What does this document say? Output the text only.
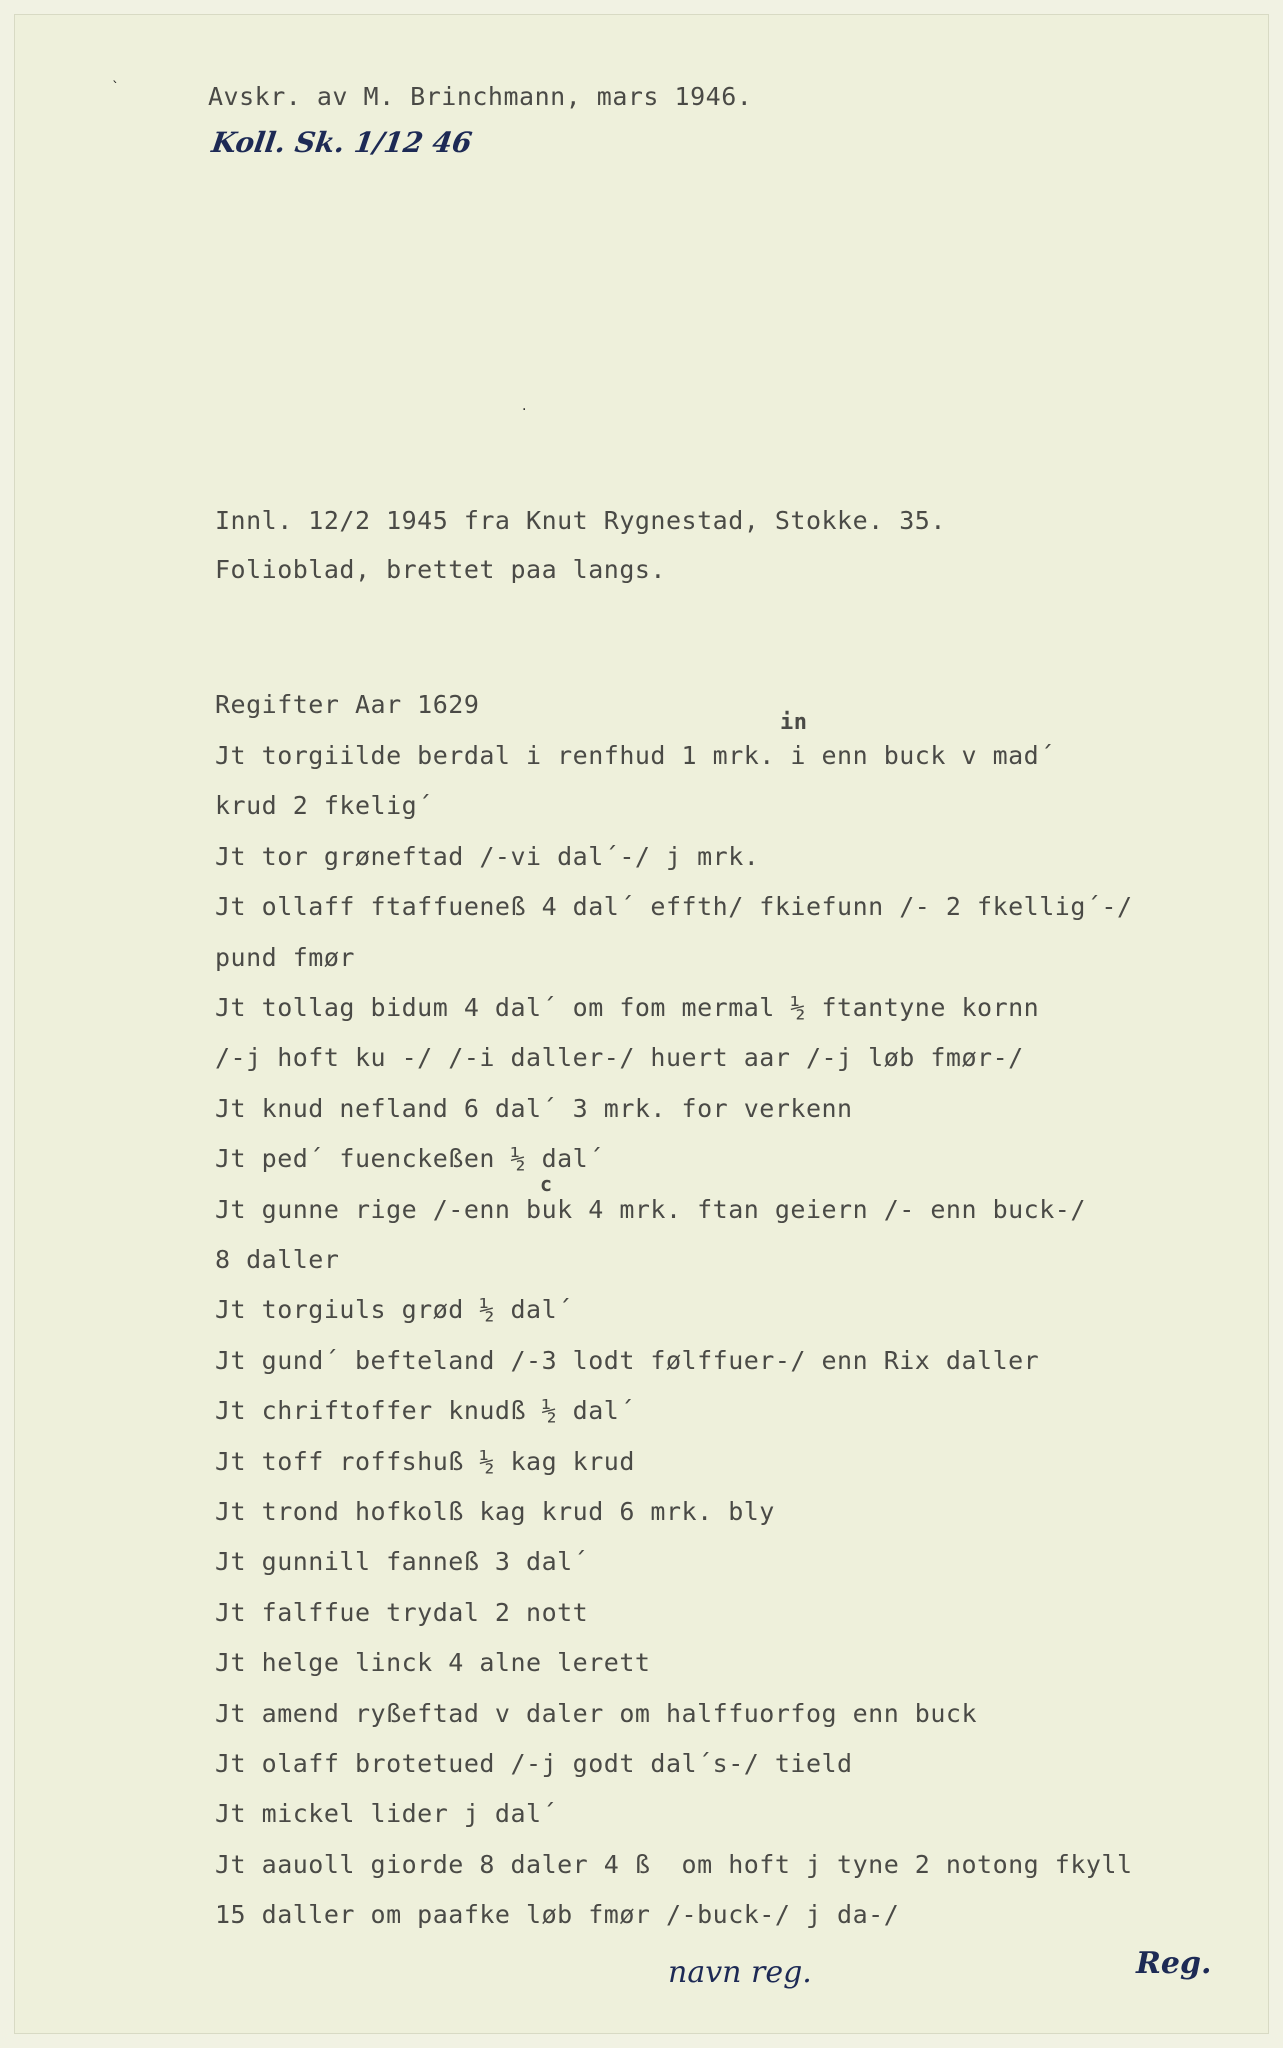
Avskr. av M. Brinchmann, mars 1946.
Koll. Sk. 1/12 46
`
.
Innl. 12/2 1945 fra Knut Rygnestad, Stokke. 35.
Folioblad, brettet paa langs.
Regifter Aar 1629
in
c
Jt torgiilde berdal i renfhud 1 mrk. i enn buck v mad´
krud 2 fkelig´
Jt tor grøneftad /-vi dal´-/ j mrk.
Jt ollaff ftaffueneß 4 dal´ effth/ fkiefunn /- 2 fkellig´-/
pund fmør
Jt tollag bidum 4 dal´ om fom mermal ½ ftantyne kornn
/-j hoft ku -/ /-i daller-/ huert aar /-j løb fmør-/
Jt knud nefland 6 dal´ 3 mrk. for verkenn
Jt ped´ fuenckeßen ½ dal´
Jt gunne rige /-enn buk 4 mrk. ftan geiern /- enn buck-/
8 daller
Jt torgiuls grød ½ dal´
Jt gund´ befteland /-3 lodt følffuer-/ enn Rix daller
Jt chriftoffer knudß ½ dal´
Jt toff roffshuß ½ kag krud
Jt trond hofkolß kag krud 6 mrk. bly
Jt gunnill fanneß 3 dal´
Jt falffue trydal 2 nott
Jt helge linck 4 alne lerett
Jt amend ryßeftad v daler om halffuorfog enn buck
Jt olaff brotetued /-j godt dal´s-/ tield
Jt mickel lider j dal´
Jt aauoll giorde 8 daler 4 ß  om hoft j tyne 2 notong fkyll
15 daller om paafke løb fmør /-buck-/ j da-/
navn reg.	Reg.
